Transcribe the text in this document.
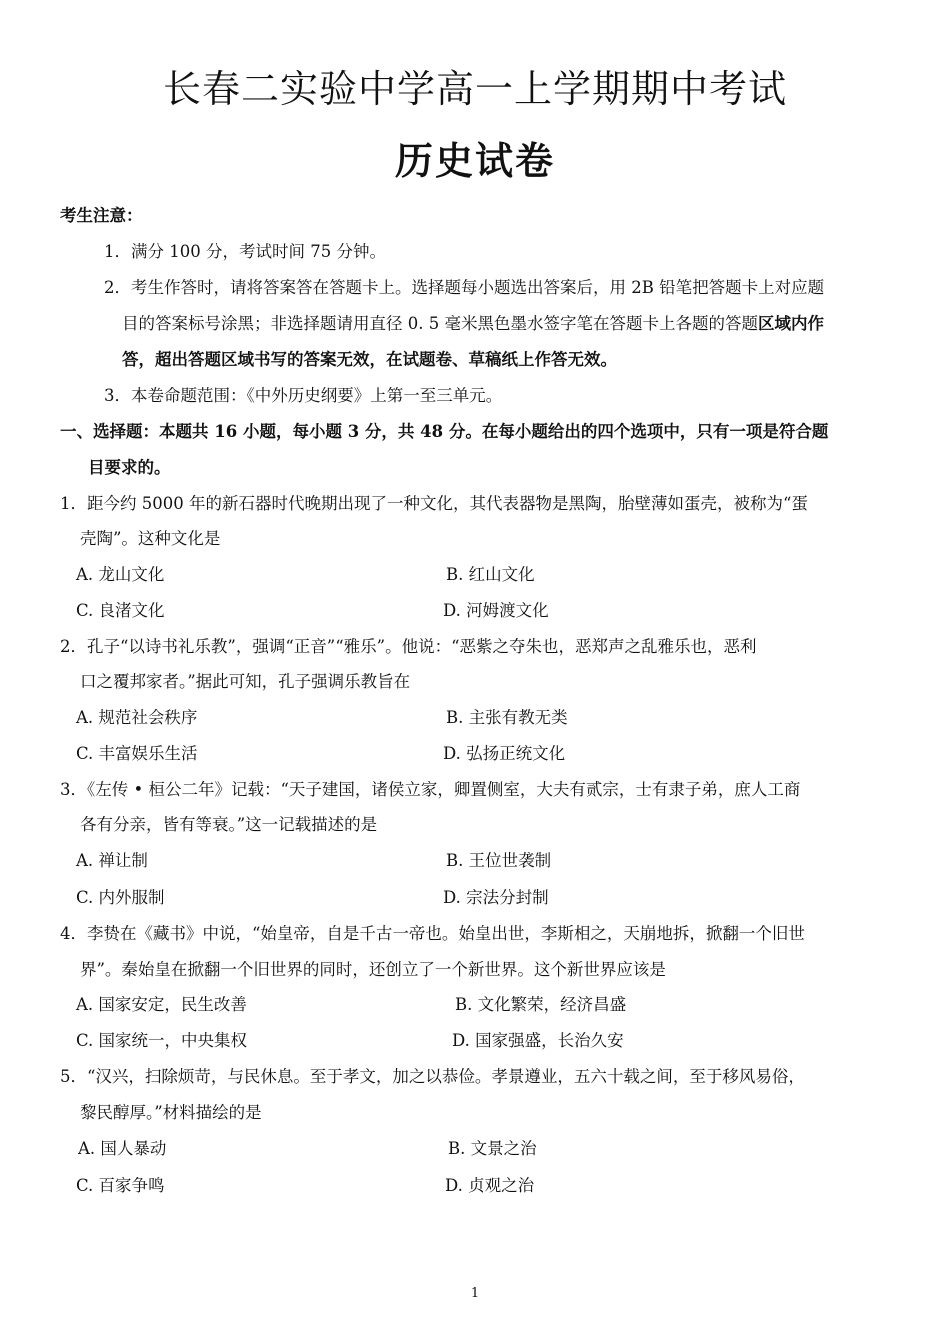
长春二实验中学高一上学期期中考试
历史试卷

考生注意：

1．满分 100 分，考试时间 75 分钟。

2．考生作答时，请将答案答在答题卡上。选择题每小题选出答案后，用 2B 铅笔把答题卡上对应题

目的答案标号涂黑；非选择题请用直径 0. 5 毫米黑色墨水签字笔在答题卡上各题的答题区域内作

答，超出答题区域书写的答案无效，在试题卷、草稿纸上作答无效。

3．本卷命题范围：《中外历史纲要》上第一至三单元。

一、选择题：本题共 16 小题，每小题 3 分，共 48 分。在每小题给出的四个选项中，只有一项是符合题

目要求的。

1．距今约 5000 年的新石器时代晚期出现了一种文化，其代表器物是黑陶，胎壁薄如蛋壳，被称为“蛋

壳陶”。这种文化是

A. 龙山文化	B. 红山文化
C. 良渚文化	D. 河姆渡文化

2．孔子“以诗书礼乐教”，强调“正音”“雅乐”。他说：“恶紫之夺朱也，恶郑声之乱雅乐也，恶利

口之覆邦家者。”据此可知，孔子强调乐教旨在

A. 规范社会秩序	B. 主张有教无类
C. 丰富娱乐生活	D. 弘扬正统文化

3．《左传 • 桓公二年》记载：“天子建国，诸侯立家，卿置侧室，大夫有贰宗，士有隶子弟，庶人工商

各有分亲，皆有等衰。”这一记载描述的是

A. 禅让制	B. 王位世袭制
C. 内外服制	D. 宗法分封制

4．李贽在《藏书》中说，“始皇帝，自是千古一帝也。始皇出世，李斯相之，天崩地拆，掀翻一个旧世

界”。秦始皇在掀翻一个旧世界的同时，还创立了一个新世界。这个新世界应该是

A. 国家安定，民生改善	B. 文化繁荣，经济昌盛
C. 国家统一，中央集权	D. 国家强盛，长治久安

5．“汉兴，扫除烦苛，与民休息。至于孝文，加之以恭俭。孝景遵业，五六十载之间，至于移风易俗，

黎民醇厚。”材料描绘的是

A. 国人暴动	B. 文景之治
C. 百家争鸣	D. 贞观之治
1
